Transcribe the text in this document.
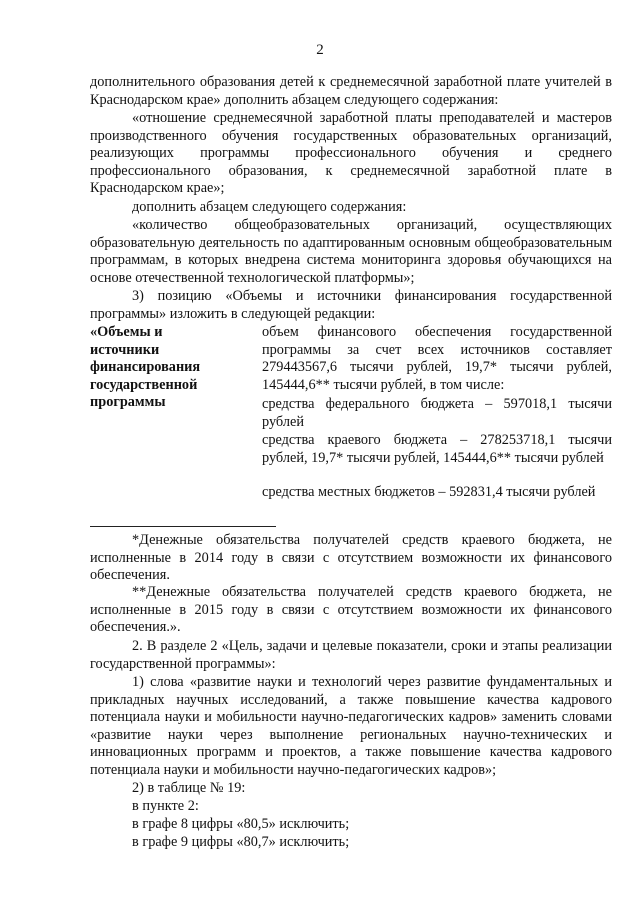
2

дополнительного образования детей к среднемесячной заработной плате учителей в Краснодарском крае» дополнить абзацем следующего содержания:

«отношение среднемесячной заработной платы преподавателей и мастеров производственного обучения государственных образовательных организаций, реализующих программы профессионального обучения и среднего профессионального образования, к среднемесячной заработной плате в Краснодарском крае»;

дополнить абзацем следующего содержания:

«количество общеобразовательных организаций, осуществляющих образовательную деятельность по адаптированным основным общеобразовательным программам, в которых внедрена система мониторинга здоровья обучающихся на основе отечественной технологической платформы»;

3) позицию «Объемы и источники финансирования государственной программы» изложить в следующей редакции:

«Объемы и
источники
финансирования
государственной
программы

объем финансового обеспечения государственной программы за счет всех источников составляет 279443567,6 тысячи рублей, 19,7* тысячи рублей, 145444,6** тысячи рублей, в том числе:

средства федерального бюджета – 597018,1 тысячи рублей

средства краевого бюджета – 278253718,1 тысячи рублей, 19,7* тысячи рублей, 145444,6** тысячи рублей

средства местных бюджетов – 592831,4 тысячи рублей

*Денежные обязательства получателей средств краевого бюджета, не исполненные в 2014 году в связи с отсутствием возможности их финансового обеспечения.

**Денежные обязательства получателей средств краевого бюджета, не исполненные в 2015 году в связи с отсутствием возможности их финансового обеспечения.».

2. В разделе 2 «Цель, задачи и целевые показатели, сроки и этапы реализации государственной программы»:

1) слова «развитие науки и технологий через развитие фундаментальных и прикладных научных исследований, а также повышение качества кадрового потенциала науки и мобильности научно-педагогических кадров» заменить словами «развитие науки через выполнение региональных научно-технических и инновационных программ и проектов, а также повышение качества кадрового потенциала науки и мобильности научно-педагогических кадров»;

2) в таблице № 19:

в пункте 2:

в графе 8 цифры «80,5» исключить;

в графе 9 цифры «80,7» исключить;
